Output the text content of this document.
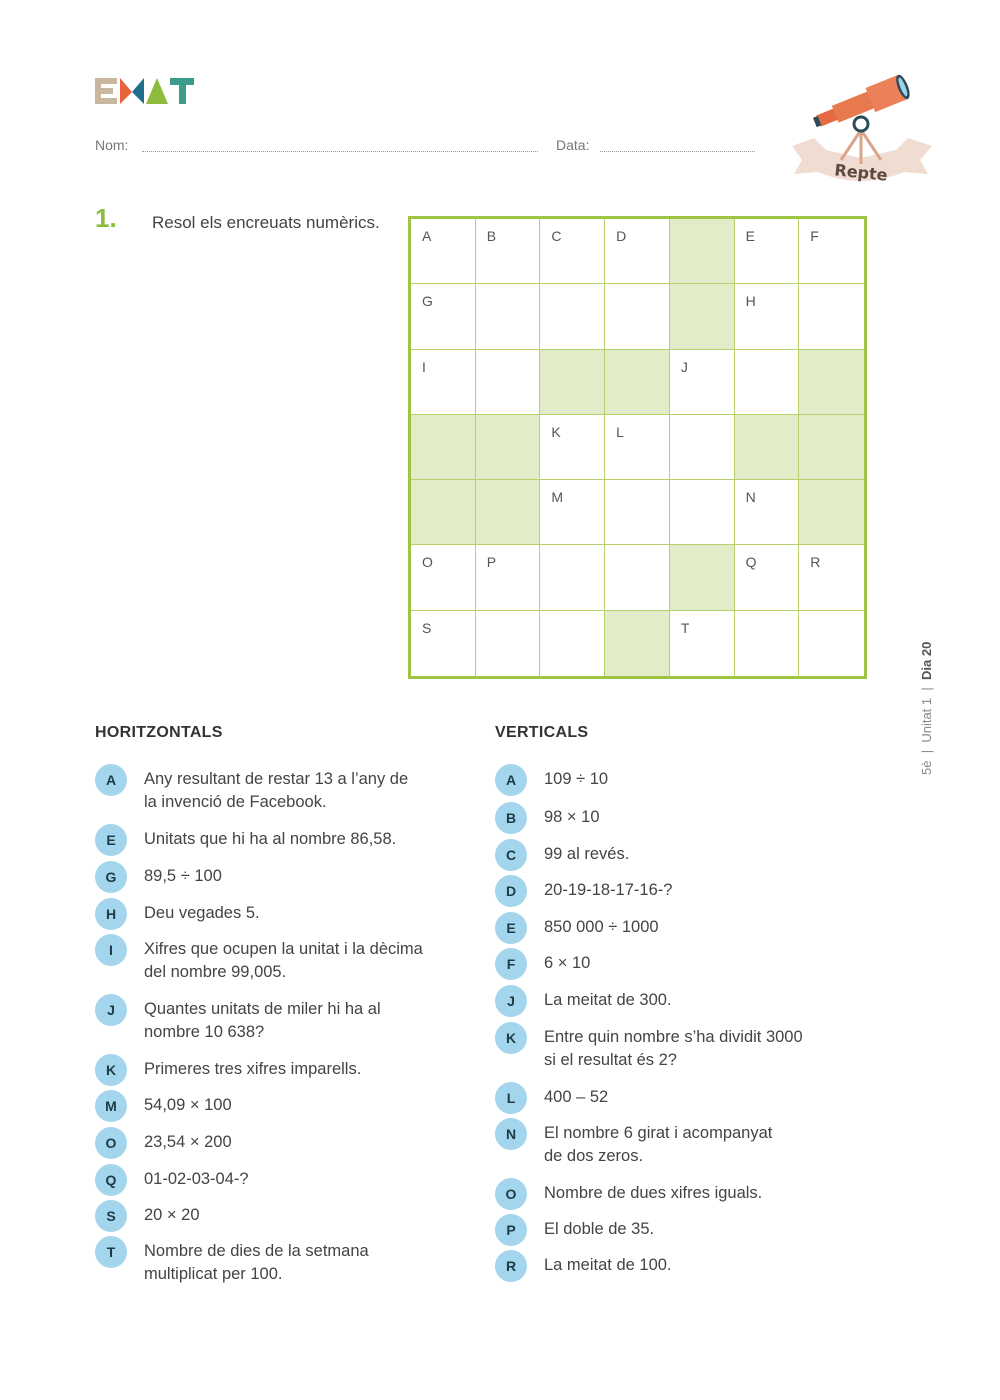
Nom:	Data:
Repte
1. Resol els encreuats numèrics.
A	B	C	D	E	F
G	H
I	J
K	L
M	N
O	P	Q	R
S	T
5è  |  Unitat 1  |  Dia 20
HORITZONTALS	VERTICALS
A	Any resultant de restar 13 a l’any de
la invenció de Facebook.
E	Unitats que hi ha al nombre 86,58.
G	89,5 ÷ 100
H	Deu vegades 5.
I	Xifres que ocupen la unitat i la dècima
del nombre 99,005.
J	Quantes unitats de miler hi ha al
nombre 10 638?
K	Primeres tres xifres imparells.
M	54,09 × 100
O	23,54 × 200
Q	01-02-03-04-?
S	20 × 20
T	Nombre de dies de la setmana
multiplicat per 100.
A	109 ÷ 10
B	98 × 10
C	99 al revés.
D	20-19-18-17-16-?
E	850 000 ÷ 1000
F	6 × 10
J	La meitat de 300.
K	Entre quin nombre s’ha dividit 3000
si el resultat és 2?
L	400 – 52
N	El nombre 6 girat i acompanyat
de dos zeros.
O	Nombre de dues xifres iguals.
P	El doble de 35.
R	La meitat de 100.
